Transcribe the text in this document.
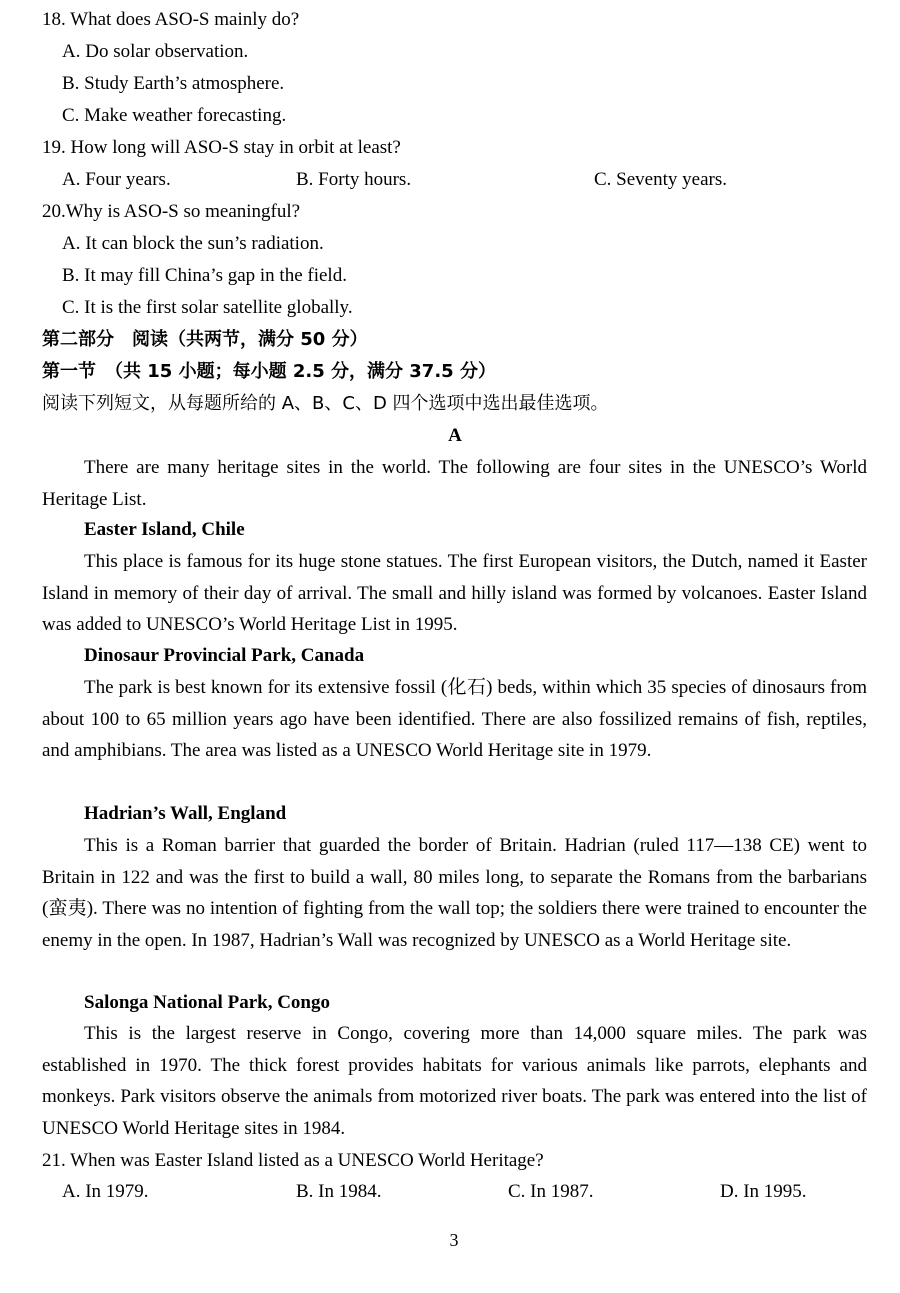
18. What does ASO-S mainly do?
A. Do solar observation.
B. Study Earth’s atmosphere.
C. Make weather forecasting.
19. How long will ASO-S stay in orbit at least?
A. Four years.	B. Forty hours.	C. Seventy years.
20.Why is ASO-S so meaningful?
A. It can block the sun’s radiation.
B. It may fill China’s gap in the field.
C. It is the first solar satellite globally.
第二部分　阅读（共两节，满分 50 分）
第一节　（共 15 小题；每小题 2.5 分，满分 37.5 分）
阅读下列短文，从每题所给的 A、B、C、D 四个选项中选出最佳选项。
A
There are many heritage sites in the world. The following are four sites in the UNESCO’s World Heritage List.
Easter Island, Chile
This place is famous for its huge stone statues. The first European visitors, the Dutch, named it Easter Island in memory of their day of arrival. The small and hilly island was formed by volcanoes. Easter Island was added to UNESCO’s World Heritage List in 1995.
Dinosaur Provincial Park, Canada
The park is best known for its extensive fossil (化石) beds, within which 35 species of dinosaurs from about 100 to 65 million years ago have been identified. There are also fossilized remains of fish, reptiles, and amphibians. The area was listed as a UNESCO World Heritage site in 1979.
Hadrian’s Wall, England
This is a Roman barrier that guarded the border of Britain. Hadrian (ruled 117—138 CE) went to Britain in 122 and was the first to build a wall, 80 miles long, to separate the Romans from the barbarians (蛮夷). There was no intention of fighting from the wall top; the soldiers there were trained to encounter the enemy in the open. In 1987, Hadrian’s Wall was recognized by UNESCO as a World Heritage site.
Salonga National Park, Congo
This is the largest reserve in Congo, covering more than 14,000 square miles. The park was established in 1970. The thick forest provides habitats for various animals like parrots, elephants and monkeys. Park visitors observe the animals from motorized river boats. The park was entered into the list of UNESCO World Heritage sites in 1984.
21. When was Easter Island listed as a UNESCO World Heritage?
A. In 1979.	B. In 1984.	C. In 1987.	D. In 1995.
3
